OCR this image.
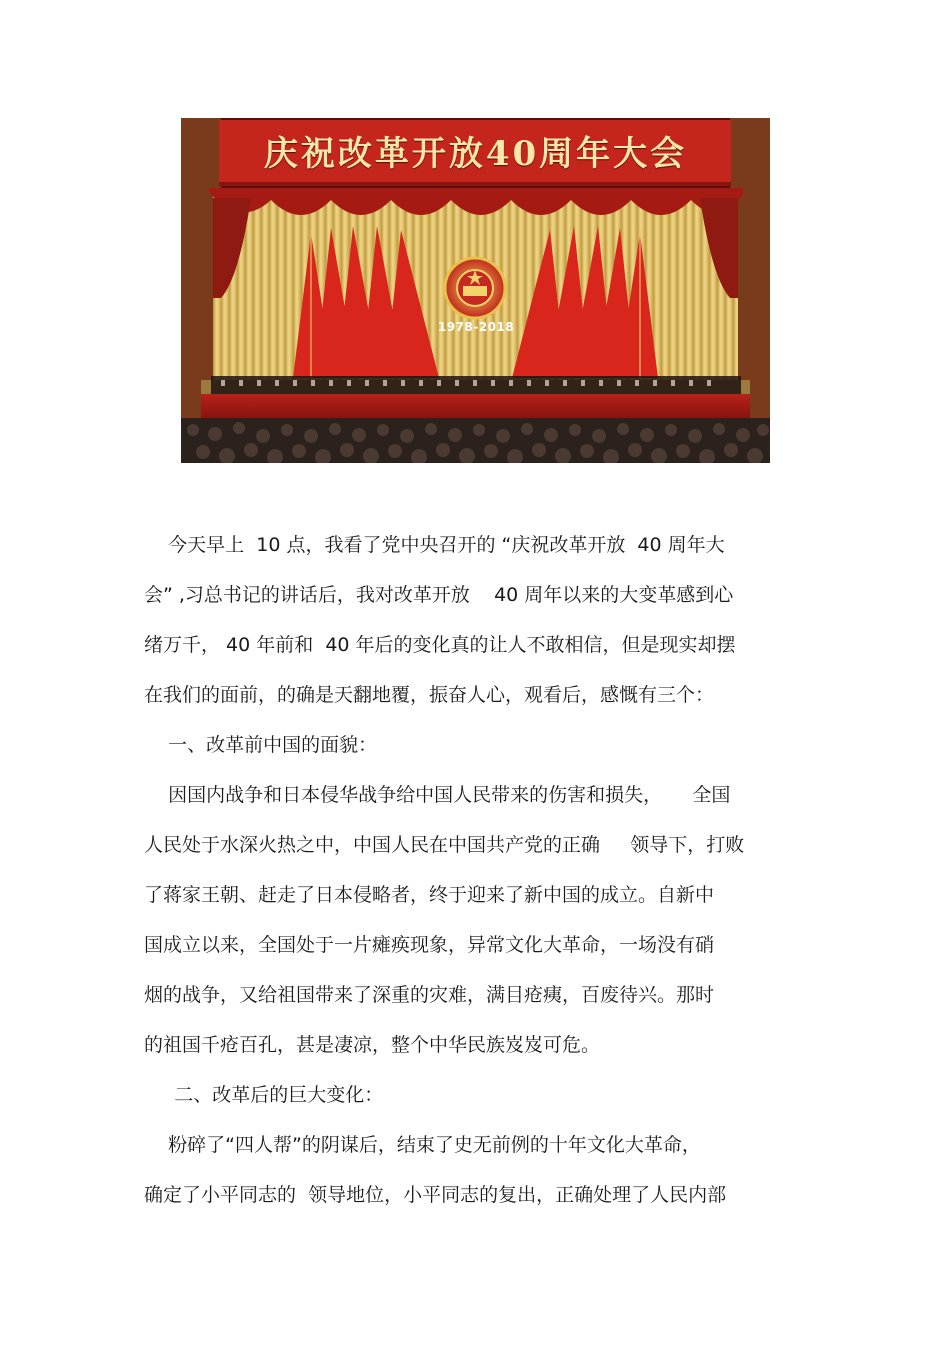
庆祝改革开放40周年大会
1978-2018

今天早上  10 点，我看了党中央召开的 “庆祝改革开放  40 周年大
会” ,习总书记的讲话后，我对改革开放    40 周年以来的大变革感到心
绪万千， 40 年前和  40 年后的变化真的让人不敢相信，但是现实却摆
在我们的面前，的确是天翻地覆，振奋人心，观看后，感慨有三个：

一、改革前中国的面貌：

因国内战争和日本侵华战争给中国人民带来的伤害和损失，     全国
人民处于水深火热之中，中国人民在中国共产党的正确     领导下，打败
了蒋家王朝、赶走了日本侵略者，终于迎来了新中国的成立。自新中
国成立以来，全国处于一片瘫痪现象，异常文化大革命，一场没有硝
烟的战争，又给祖国带来了深重的灾难，满目疮痍，百废待兴。那时
的祖国千疮百孔，甚是凄凉，整个中华民族岌岌可危。

二、改革后的巨大变化：

粉碎了“四人帮”的阴谋后，结束了史无前例的十年文化大革命，
确定了小平同志的  领导地位，小平同志的复出，正确处理了人民内部
